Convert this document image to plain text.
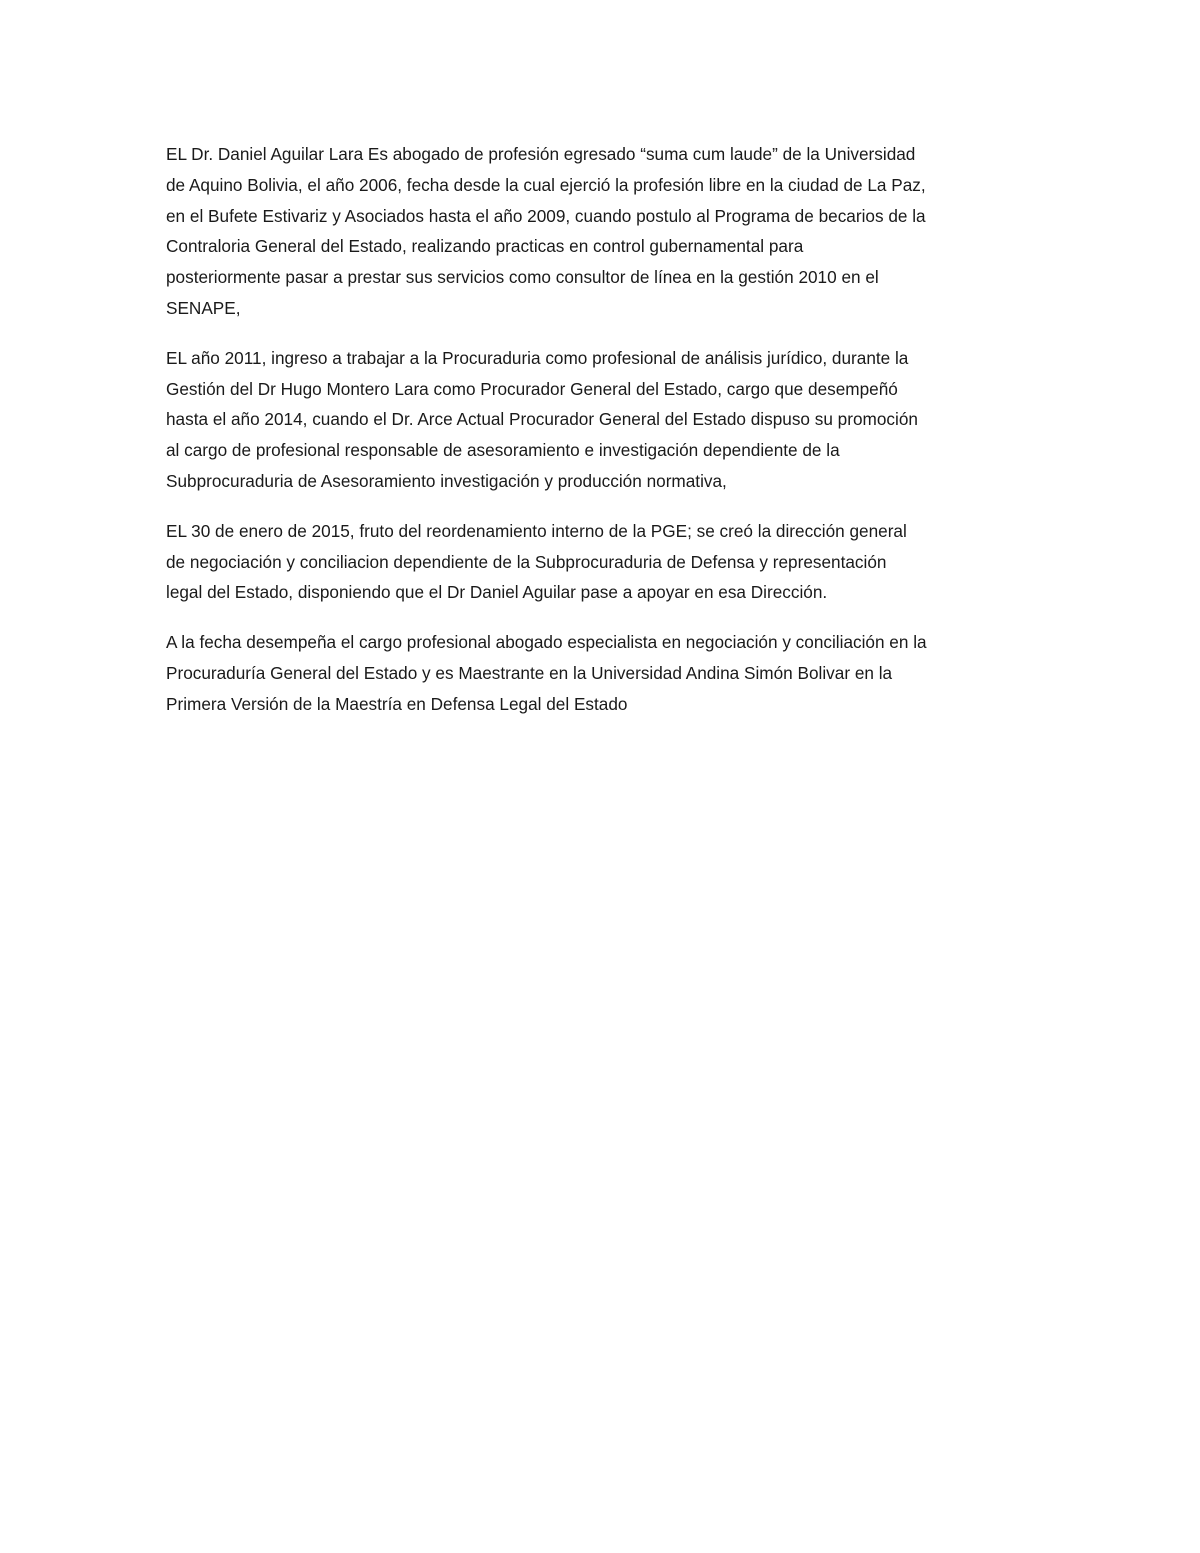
EL Dr. Daniel Aguilar Lara Es abogado de profesión egresado “suma cum laude” de la Universidad
de Aquino Bolivia, el año 2006, fecha desde la cual ejerció la profesión libre en la ciudad de La Paz,
en el Bufete Estivariz y Asociados hasta el año 2009, cuando postulo al Programa de becarios de la
Contraloria General del Estado, realizando practicas en control gubernamental para
posteriormente pasar a prestar sus servicios como consultor de línea en la gestión 2010 en el
SENAPE,

EL año 2011, ingreso a trabajar a la Procuraduria como profesional de análisis jurídico, durante la
Gestión del Dr Hugo Montero Lara como Procurador General del Estado, cargo que desempeñó
hasta el año 2014, cuando el Dr. Arce Actual Procurador General del Estado dispuso su promoción
al cargo de profesional responsable de asesoramiento e investigación dependiente de la
Subprocuraduria de Asesoramiento investigación y producción normativa,

EL 30 de enero de 2015, fruto del reordenamiento interno de la PGE; se creó la dirección general
de negociación y conciliacion dependiente de la Subprocuraduria de Defensa y representación
legal del Estado, disponiendo que el Dr Daniel Aguilar pase a apoyar en esa Dirección.

A la fecha desempeña el cargo profesional abogado especialista en negociación y conciliación en la
Procuraduría General del Estado y es Maestrante en la Universidad Andina Simón Bolivar en la
Primera Versión de la Maestría en Defensa Legal del Estado
